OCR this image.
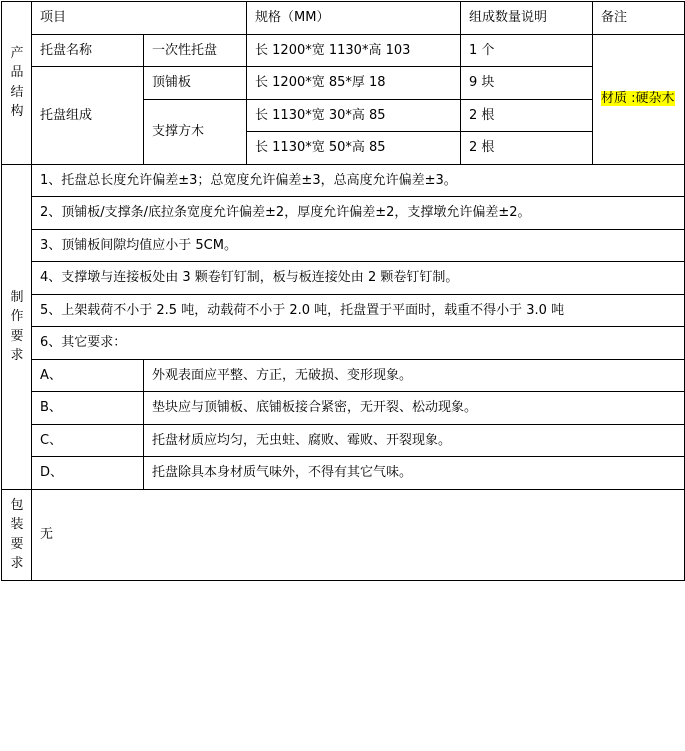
产品结构	项目		规格（MM）	组成数量说明	备注
	托盘名称	一次性托盘	长 1200*宽 1130*高 103	1 个	材质 :硬杂木
	托盘组成	顶铺板	长 1200*宽 85*厚 18	9 块	
		支撑方木	长 1130*宽 30*高 85	2 根	
			长 1130*宽 50*高 85	2 根	
制作要求	1、托盘总长度允许偏差±3；总宽度允许偏差±3，总高度允许偏差±3。				
	2、顶铺板/支撑条/底拉条宽度允许偏差±2，厚度允许偏差±2，支撑墩允许偏差±2。				
	3、顶铺板间隙均值应小于 5CM。				
	4、支撑墩与连接板处由 3 颗卷钉钉制，板与板连接处由 2 颗卷钉钉制。				
	5、上架载荷不小于 2.5 吨，动载荷不小于 2.0 吨，托盘置于平面时，载重不得小于 3.0 吨				
	6、其它要求：				
	A、	外观表面应平整、方正，无破损、变形现象。			
	B、	垫块应与顶铺板、底铺板接合紧密，无开裂、松动现象。			
	C、	托盘材质应均匀，无虫蛀、腐败、霉败、开裂现象。			
	D、	托盘除具本身材质气味外，不得有其它气味。			
包装要求	无				
